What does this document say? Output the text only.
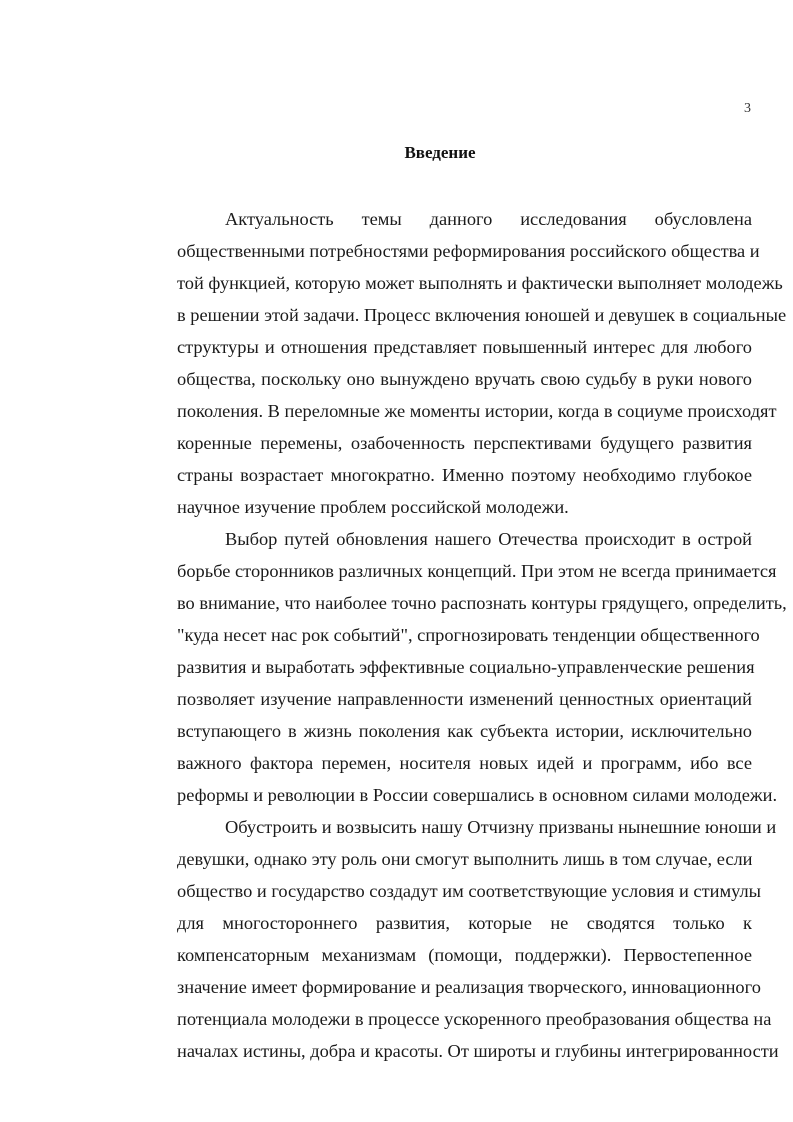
3
Введение
Актуальность темы данного исследования обусловлена
общественными потребностями реформирования российского общества и
той функцией, которую может выполнять и фактически выполняет молодежь
в решении этой задачи. Процесс включения юношей и девушек в социальные
структуры и отношения представляет повышенный интерес для любого
общества, поскольку оно вынуждено вручать свою судьбу в руки нового
поколения. В переломные же моменты истории, когда в социуме происходят
коренные перемены, озабоченность перспективами будущего развития
страны возрастает многократно. Именно поэтому необходимо глубокое
научное изучение проблем российской молодежи.
Выбор путей обновления нашего Отечества происходит в острой
борьбе сторонников различных концепций. При этом не всегда принимается
во внимание, что наиболее точно распознать контуры грядущего, определить,
"куда несет нас рок событий", спрогнозировать тенденции общественного
развития и выработать эффективные социально-управленческие решения
позволяет изучение направленности изменений ценностных ориентаций
вступающего в жизнь поколения как субъекта истории, исключительно
важного фактора перемен, носителя новых идей и программ, ибо все
реформы и революции в России совершались в основном силами молодежи.
Обустроить и возвысить нашу Отчизну призваны нынешние юноши и
девушки, однако эту роль они смогут выполнить лишь в том случае, если
общество и государство создадут им соответствующие условия и стимулы
для многостороннего развития, которые не сводятся только к
компенсаторным механизмам (помощи, поддержки). Первостепенное
значение имеет формирование и реализация творческого, инновационного
потенциала молодежи в процессе ускоренного преобразования общества на
началах истины, добра и красоты. От широты и глубины интегрированности
